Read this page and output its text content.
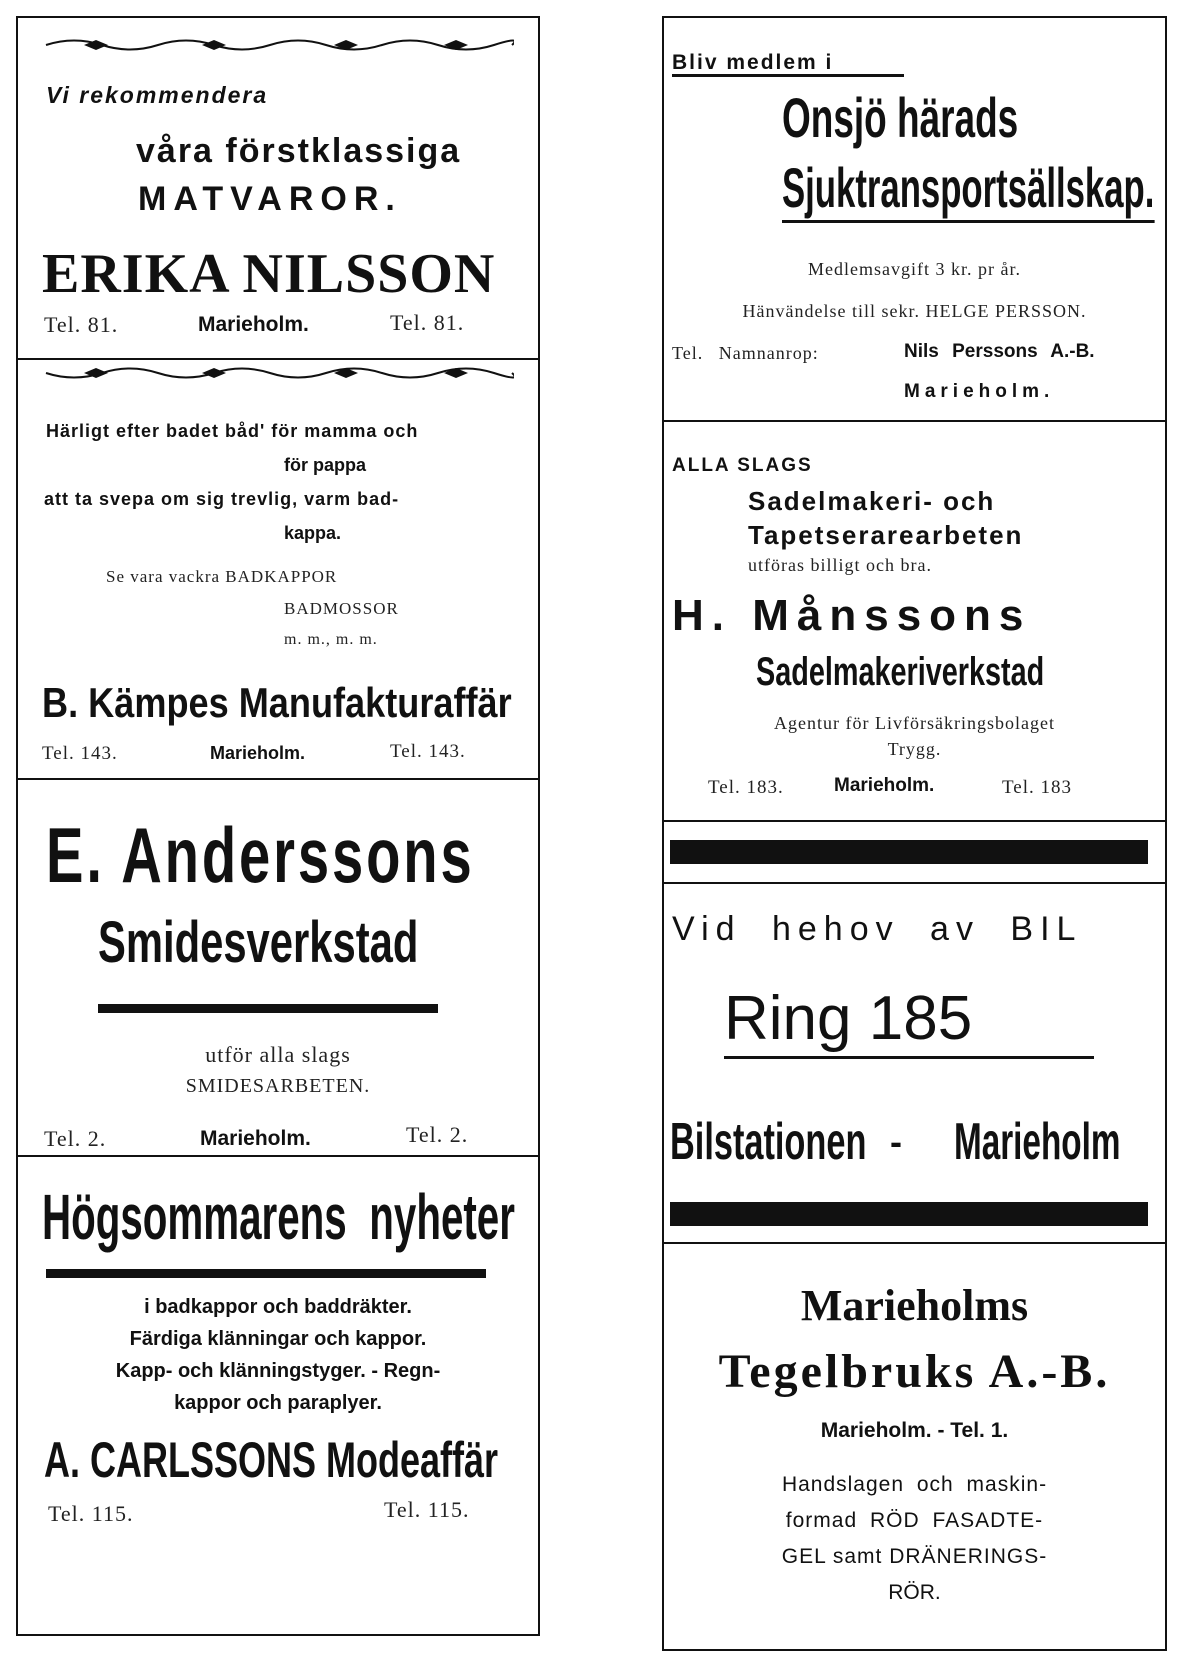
Vi rekommendera
våra förstklassiga
MATVAROR.
ERIKA NILSSON
Tel. 81.	Marieholm.	Tel. 81.
Härligt efter badet båd' för mamma och
för pappa
att ta svepa om sig trevlig, varm bad-
kappa.
Se vara vackra BADKAPPOR
BADMOSSOR
m. m., m. m.
B. Kämpes Manufakturaffär
Tel. 143.	Marieholm.	Tel. 143.
E. Anderssons
Smidesverkstad
utför alla slags
SMIDESARBETEN.
Tel. 2.	Marieholm.	Tel. 2.
Högsommarens nyheter
i badkappor och baddräkter.
Färdiga klänningar och kappor.
Kapp- och klänningstyger. - Regn-
kappor och paraplyer.
A. CARLSSONS Modeaffär
Tel. 115.	Tel. 115.
Bliv medlem i
Onsjö härads
Sjuktransportsällskap.
Medlemsavgift 3 kr. pr år.
Hänvändelse till sekr. HELGE PERSSON.
Tel. Namnanrop:	Nils Perssons A.-B.
Marieholm.
ALLA SLAGS
Sadelmakeri- och
Tapetserarearbeten
utföras billigt och bra.
H. Månssons
Sadelmakeriverkstad
Agentur för Livförsäkringsbolaget
Trygg.
Tel. 183.	Marieholm.	Tel. 183
Vid hehov av BIL
Ring 185
Bilstationen - Marieholm
Marieholms
Tegelbruks A.-B.
Marieholm. - Tel. 1.
Handslagen och maskin-
formad RÖD FASADTE-
GEL samt DRÄNERINGS-
RÖR.
